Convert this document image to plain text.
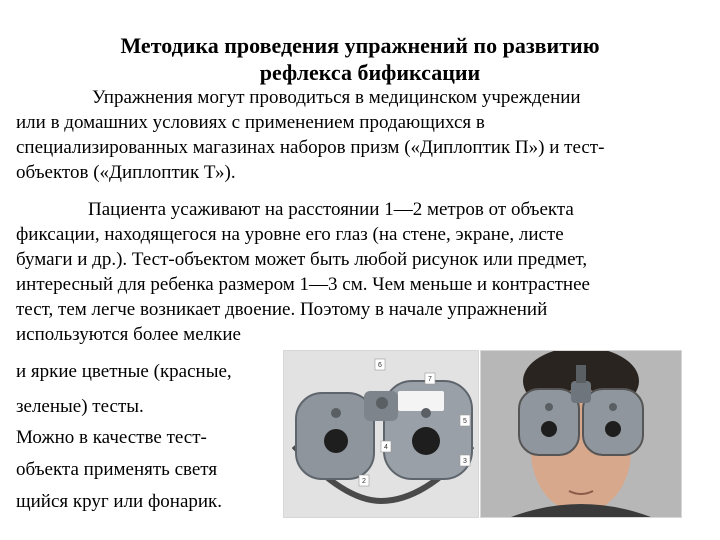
Методика проведения упражнений по развитию
рефлекса бификсации
Упражнения могут проводиться в медицинском учреждении
или в домашних условиях с применением продающихся в
специализированных магазинах наборов призм («Диплоптик П») и тест-
объектов («Диплоптик Т»).
Пациента усаживают на расстоянии 1—2 метров от объекта
фиксации, находящегося на уровне его глаз (на стене, экране, листе
бумаги и др.). Тест-объектом может быть любой рисунок или предмет,
интересный для ребенка размером 1—3 см. Чем меньше и контрастнее
тест, тем легче возникает двоение. Поэтому в начале упражнений
используются более мелкие
и яркие цветные (красные,
зеленые) тесты.
Можно в качестве тест-
объекта применять светя
щийся круг или фонарик.
6
7
5
4
3
2
